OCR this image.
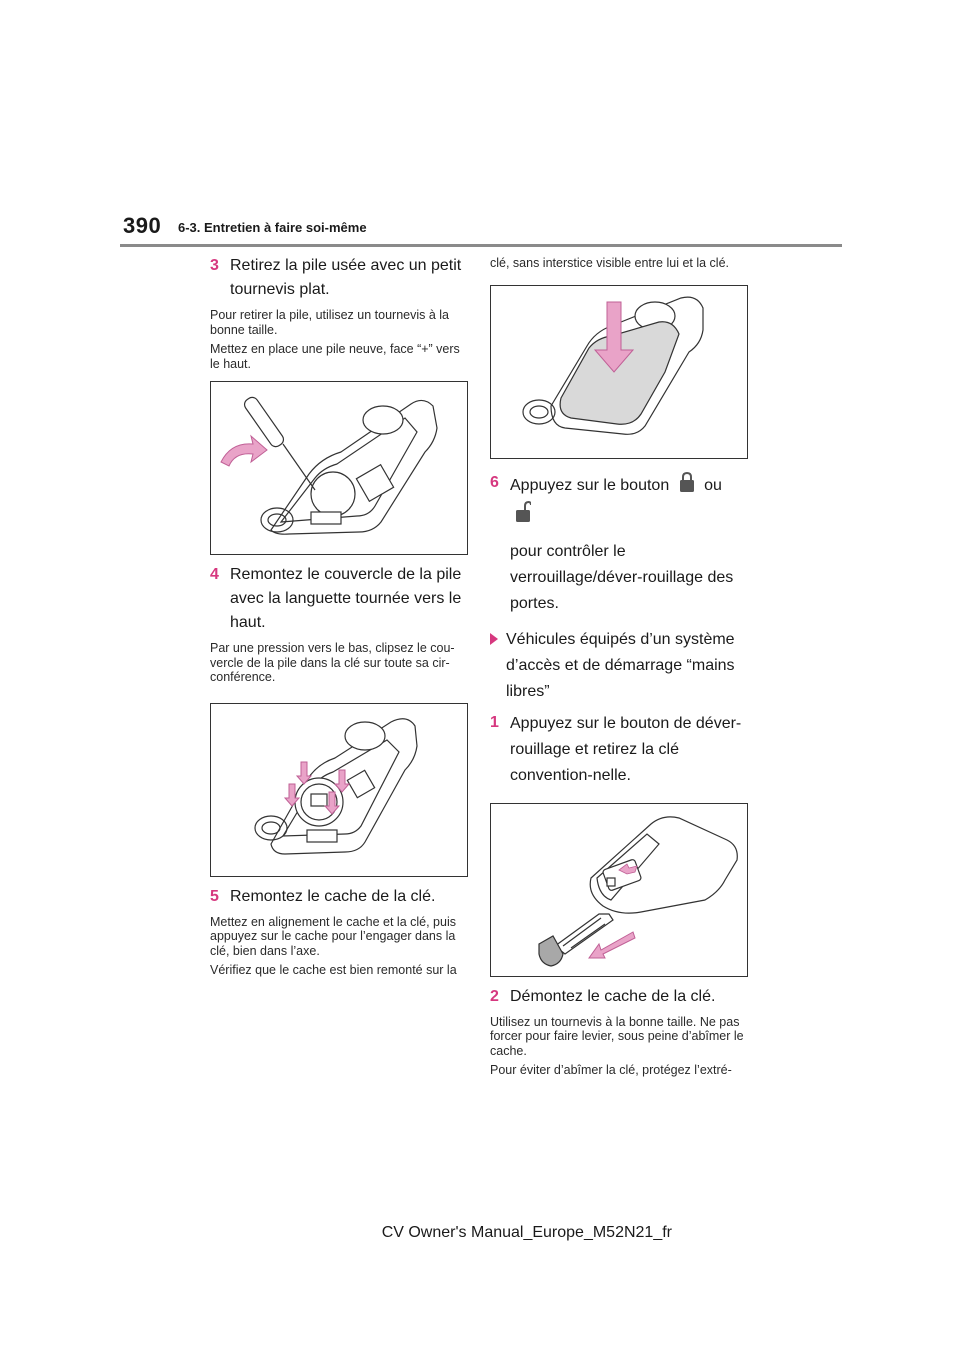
390 6-3. Entretien à faire soi-même
3 Retirez la pile usée avec un petit tournevis plat.

Pour retirer la pile, utilisez un tournevis à la bonne taille.

Mettez en place une pile neuve, face “+” vers le haut.

4 Remontez le couvercle de la pile avec la languette tournée vers le haut.

Par une pression vers le bas, clipsez le cou-vercle de la pile dans la clé sur toute sa cir-conférence.

5 Remontez le cache de la clé.

Mettez en alignement le cache et la clé, puis appuyez sur le cache pour l’engager dans la clé, bien dans l’axe.

Vérifiez que le cache est bien remonté sur la

clé, sans interstice visible entre lui et la clé.

6 Appuyez sur le bouton ou

pour contrôler le verrouillage/déver-rouillage des portes.
Véhicules équipés d’un système d’accès et de démarrage “mains libres”
1 Appuyez sur le bouton de déver-rouillage et retirez la clé convention-nelle.
2 Démontez le cache de la clé.

Utilisez un tournevis à la bonne taille. Ne pas forcer pour faire levier, sous peine d’abîmer le cache.

Pour éviter d’abîmer la clé, protégez l’extré-

CV Owner's Manual_Europe_M52N21_fr
